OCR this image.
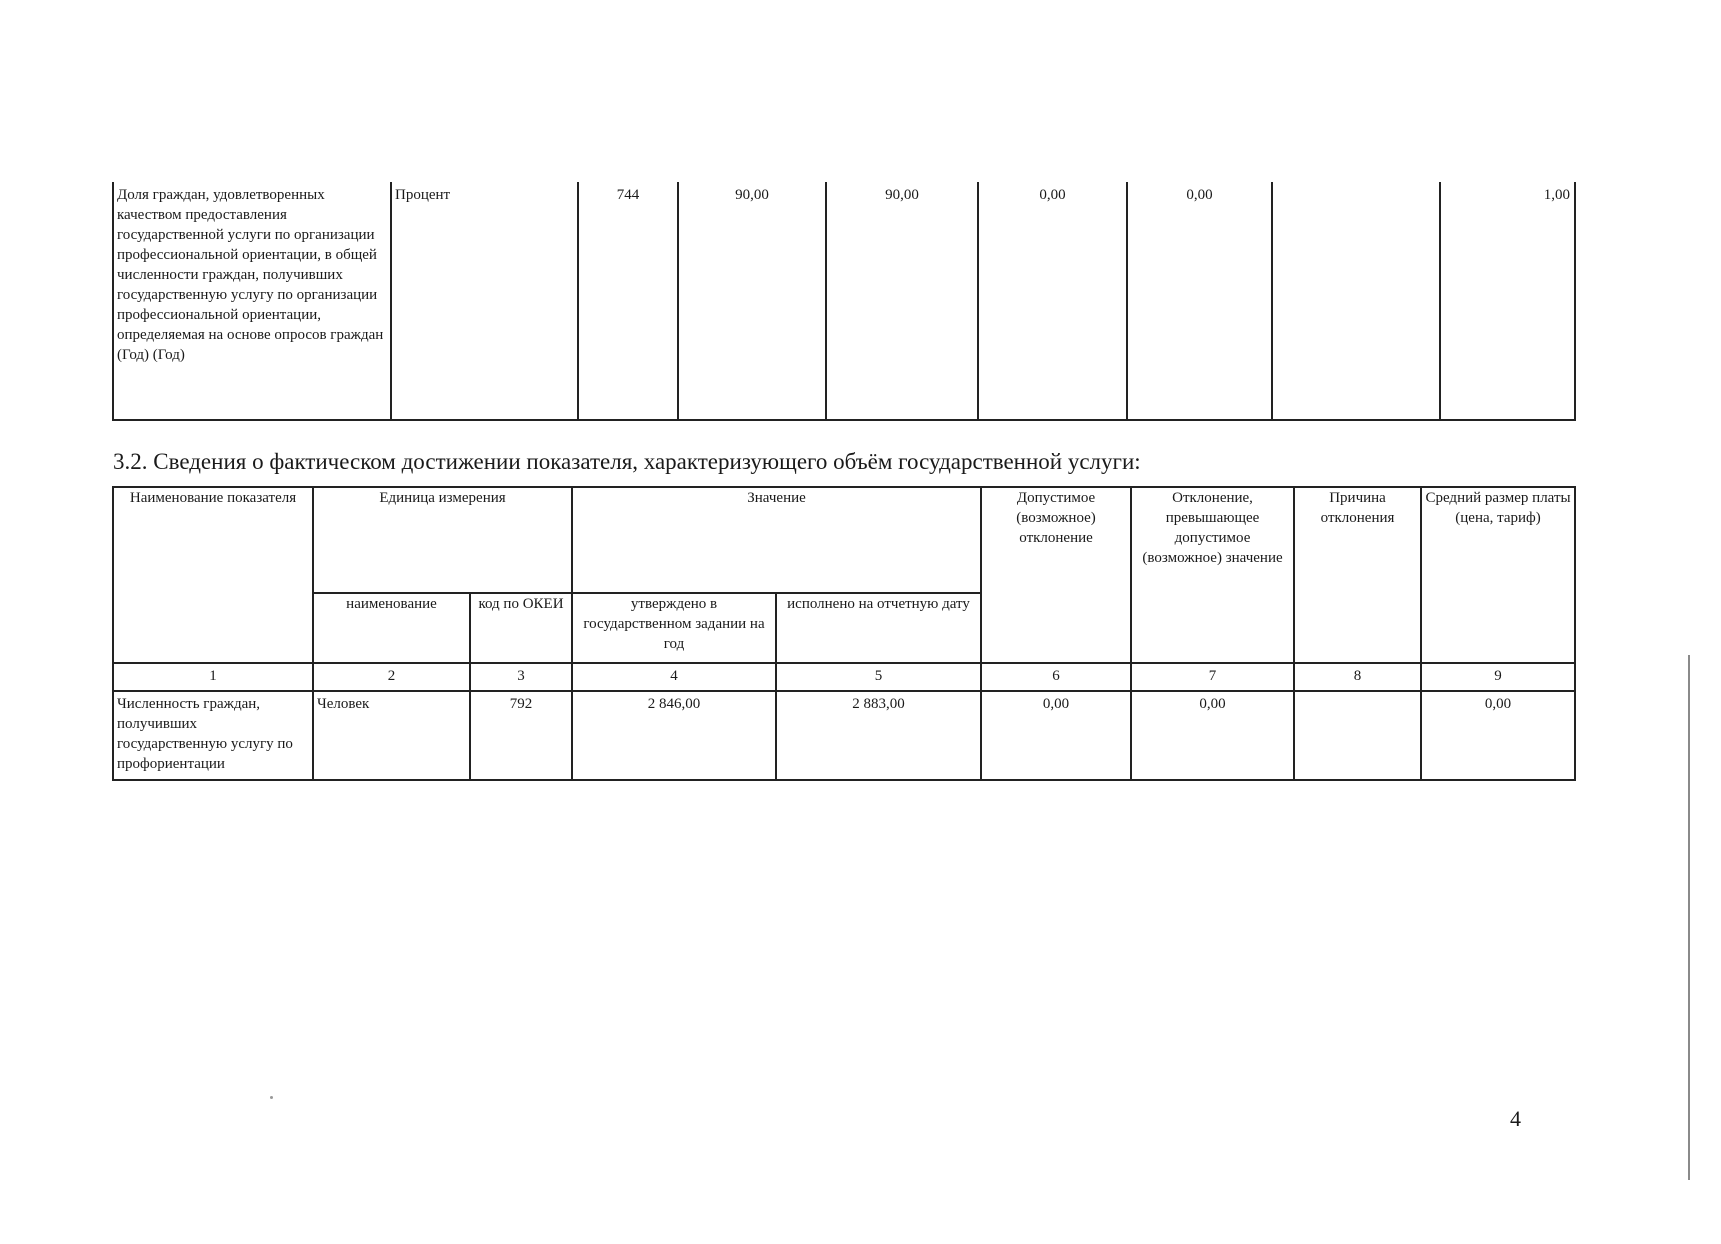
Доля граждан, удовлетворенных качеством предоставления государственной услуги по организации профессиональной ориентации, в общей численности граждан, получивших государственную услугу по организации профессиональной ориентации, определяемая на основе опросов граждан (Год) (Год)	Процент	744	90,00	90,00	0,00	0,00		1,00
3.2. Сведения о фактическом достижении показателя, характеризующего объём государственной услуги:
Наименование показателя	Единица измерения		Значение		Допустимое (возможное) отклонение	Отклонение, превышающее допустимое (возможное) значение	Причина отклонения	Средний размер платы (цена, тариф)
	наименование	код по ОКЕИ	утверждено в государственном задании на год	исполнено на отчетную дату				
1	2	3	4	5	6	7	8	9
Численность граждан, получивших государственную услугу по профориентации	Человек	792	2 846,00	2 883,00	0,00	0,00		0,00
4
